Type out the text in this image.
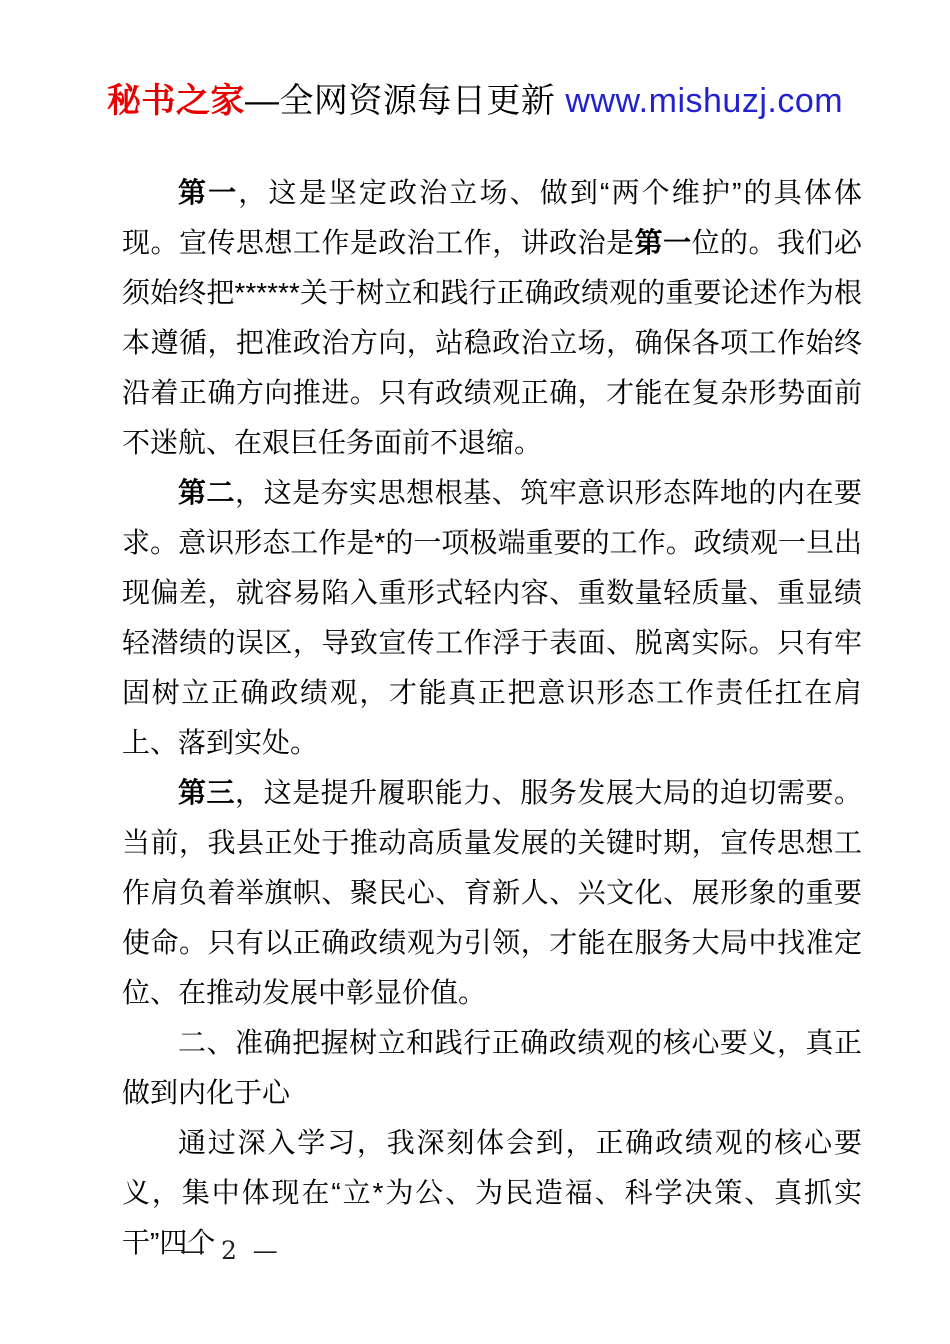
秘书之家—全网资源每日更新 www.mishuzj.com

第一，这是坚定政治立场、做到“两个维护”的具体体现。宣传思想工作是政治工作，讲政治是第一位的。我们必须始终把******关于树立和践行正确政绩观的重要论述作为根本遵循，把准政治方向，站稳政治立场，确保各项工作始终沿着正确方向推进。只有政绩观正确，才能在复杂形势面前不迷航、在艰巨任务面前不退缩。

第二，这是夯实思想根基、筑牢意识形态阵地的内在要求。意识形态工作是*的一项极端重要的工作。政绩观一旦出现偏差，就容易陷入重形式轻内容、重数量轻质量、重显绩轻潜绩的误区，导致宣传工作浮于表面、脱离实际。只有牢固树立正确政绩观，才能真正把意识形态工作责任扛在肩上、落到实处。

第三，这是提升履职能力、服务发展大局的迫切需要。当前，我县正处于推动高质量发展的关键时期，宣传思想工作肩负着举旗帜、聚民心、育新人、兴文化、展形象的重要使命。只有以正确政绩观为引领，才能在服务大局中找准定位、在推动发展中彰显价值。

二、准确把握树立和践行正确政绩观的核心要义，真正做到内化于心

通过深入学习，我深刻体会到，正确政绩观的核心要义，集中体现在“立*为公、为民造福、科学决策、真抓实干”四个

— 2 —
